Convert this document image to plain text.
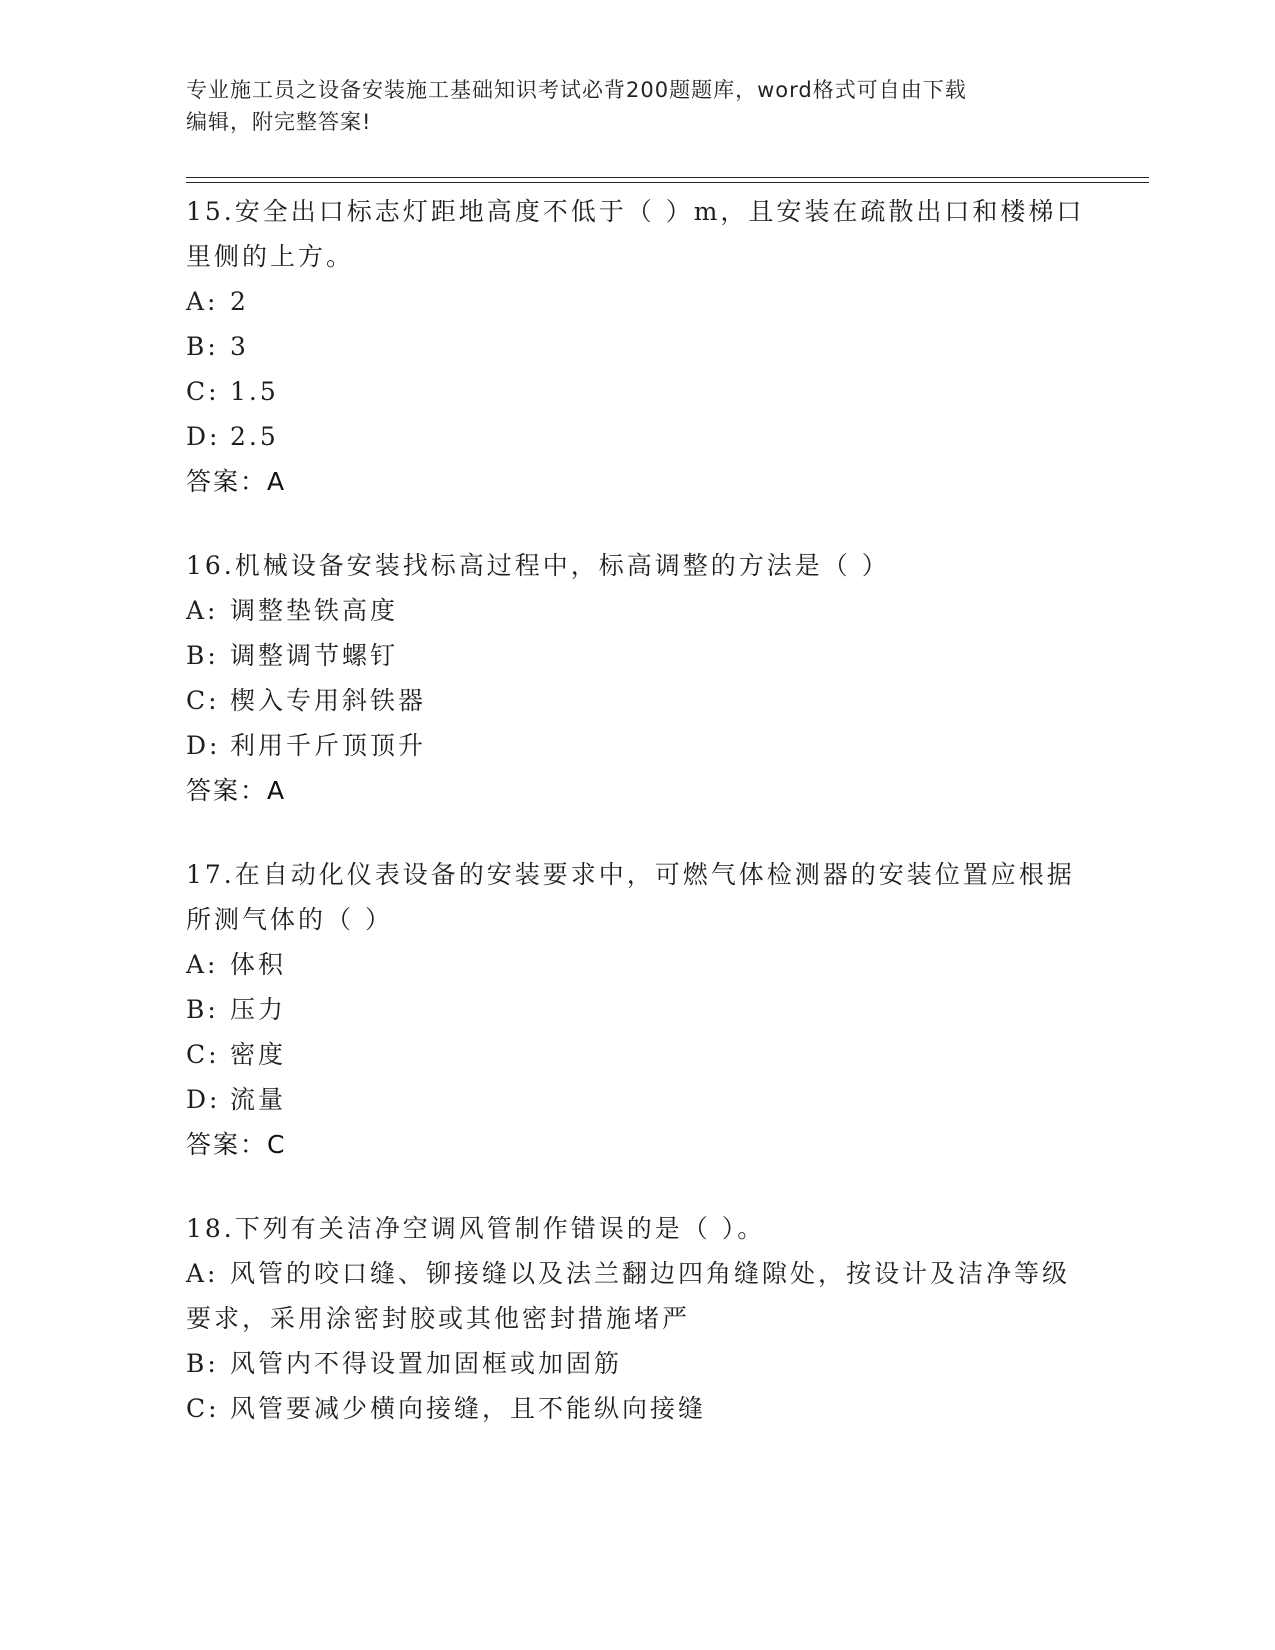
专业施工员之设备安装施工基础知识考试必背200题题库，word格式可自由下载
编辑，附完整答案!
15.安全出口标志灯距地高度不低于（ ）m，且安装在疏散出口和楼梯口里侧的上方。
A: 2
B: 3
C: 1.5
D: 2.5
答案：A
16.机械设备安装找标高过程中，标高调整的方法是（ ）
A: 调整垫铁高度
B: 调整调节螺钉
C: 楔入专用斜铁器
D: 利用千斤顶顶升
答案：A
17.在自动化仪表设备的安装要求中，可燃气体检测器的安装位置应根据所测气体的（ ）
A: 体积
B: 压力
C: 密度
D: 流量
答案：C
18.下列有关洁净空调风管制作错误的是（ ）。
A: 风管的咬口缝、铆接缝以及法兰翻边四角缝隙处，按设计及洁净等级要求，采用涂密封胶或其他密封措施堵严
B: 风管内不得设置加固框或加固筋
C: 风管要减少横向接缝，且不能纵向接缝
